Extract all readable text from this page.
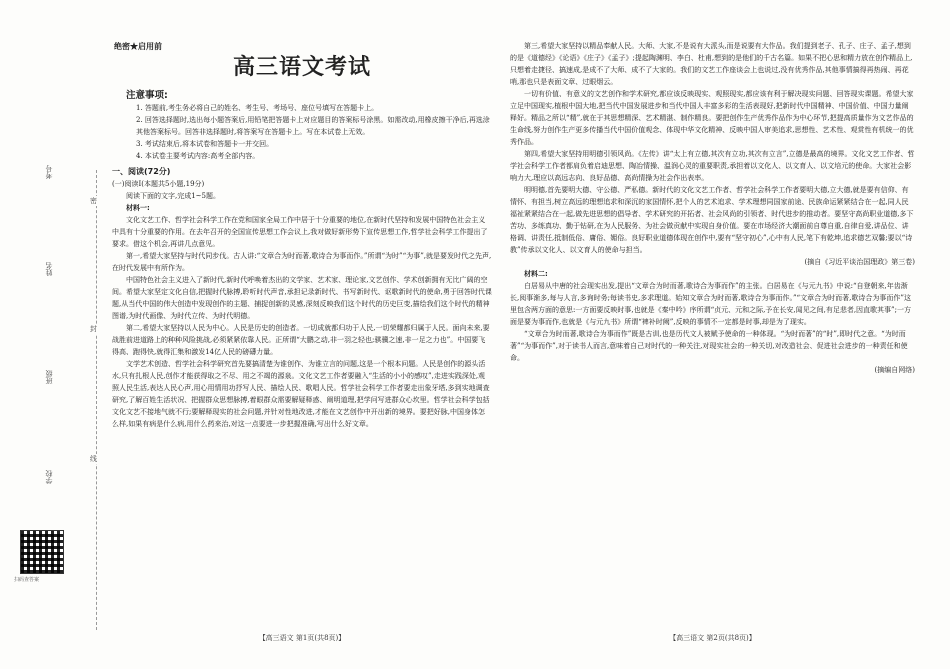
考号
姓名
班级
学校
密
封
线
扫码查答案
绝密★启用前
高三语文考试
注意事项:

1. 答题前,考生务必将自己的姓名、考生号、考场号、座位号填写在答题卡上。

2. 回答选择题时,选出每小题答案后,用铅笔把答题卡上对应题目的答案标号涂黑。如需改动,用橡皮擦干净后,再选涂其他答案标号。回答非选择题时,将答案写在答题卡上。写在本试卷上无效。

3. 考试结束后,将本试卷和答题卡一并交回。

4. 本试卷主要考试内容:高考全部内容。

一、阅读(72分)
(一)阅读Ⅰ(本题共5小题,19分)

阅读下面的文字,完成1~5题。

材料一:

文化文艺工作、哲学社会科学工作在党和国家全局工作中居于十分重要的地位,在新时代坚持和发展中国特色社会主义中具有十分重要的作用。在去年召开的全国宣传思想工作会议上,我对做好新形势下宣传思想工作,哲学社会科学工作提出了要求。借这个机会,再讲几点意见。

第一,希望大家坚持与时代同步伐。古人讲:“文章合为时而著,歌诗合为事而作。”所谓“为时”“为事”,就是要发时代之先声,在时代发展中有所作为。

中国特色社会主义进入了新时代,新时代呼唤着杰出的文学家、艺术家、理论家,文艺创作、学术创新拥有无比广阔的空间。希望大家坚定文化自信,把握时代脉搏,聆听时代声音,承担记录新时代、书写新时代、讴歌新时代的使命,勇于回答时代课题,从当代中国的伟大创造中发现创作的主题、捕捉创新的灵感,深刻反映我们这个时代的历史巨变,描绘我们这个时代的精神图谱,为时代画像、为时代立传、为时代明德。

第二,希望大家坚持以人民为中心。人民是历史的创造者。一切成就都归功于人民,一切荣耀都归属于人民。面向未来,要战胜前进道路上的种种风险挑战,必须紧紧依靠人民。正所谓“大鹏之动,非一羽之轻也;骐骥之速,非一足之力也”。中国要飞得高、跑得快,就得汇集和激发14亿人民的磅礴力量。

文学艺术创造、哲学社会科学研究首先要搞清楚为谁创作、为谁立言的问题,这是一个根本问题。人民是创作的源头活水,只有扎根人民,创作才能获得取之不尽、用之不竭的源泉。文化文艺工作者要融入“生活的小小的感叹”,走进实践深处,观照人民生活,表达人民心声,用心用情用功抒写人民、描绘人民、歌唱人民。哲学社会科学工作者要走出象牙塔,多到实地调查研究,了解百姓生活状况、把握群众思想脉搏,着眼群众需要解疑释惑、阐明道理,把学问写进群众心坎里。哲学社会科学包括文化文艺不接地气就不行;要解释现实的社会问题,并针对性地改进,才能在文艺创作中开出新的境界。要把好脉,中国身体怎么样,如果有病是什么病,用什么药来治,对这一点要进一步把握准确,写出什么好文章。

【高三语文 第1页(共8页)】

第三,希望大家坚持以精品奉献人民。大师、大家,不是说有大派头,而是说要有大作品。我们提到老子、孔子、庄子、孟子,想到的是《道德经》《论语》《庄子》《孟子》;提起陶渊明、李白、杜甫,想到的是他们的千古名篇。如果不把心思和精力放在创作精品上,只想着走捷径、搞速成,是成不了大师、成不了大家的。我们的文艺工作座谈会上也说过,没有优秀作品,其他事情搞得再热闹、再花哨,那也只是表面文章、过眼烟云。

一切有价值、有意义的文艺创作和学术研究,都应该反映现实、观照现实,都应该有利于解决现实问题、回答现实课题。希望大家立足中国现实,植根中国大地,把当代中国发展进步和当代中国人丰富多彩的生活表现好,把新时代中国精神、中国价值、中国力量阐释好。精品之所以“精”,就在于其思想精深、艺术精湛、制作精良。要把创作生产优秀作品作为中心环节,把提高质量作为文艺作品的生命线,努力创作生产更多传播当代中国价值观念、体现中华文化精神、反映中国人审美追求,思想性、艺术性、观赏性有机统一的优秀作品。

第四,希望大家坚持用明德引领风尚。《左传》讲“太上有立德,其次有立功,其次有立言”,立德是最高的境界。文化文艺工作者、哲学社会科学工作者都肩负着启迪思想、陶冶情操、温润心灵的重要职责,承担着以文化人、以文育人、以文培元的使命。大家社会影响力大,理应以高远志向、良好品德、高尚情操为社会作出表率。

明明德,首先要明大德、守公德、严私德。新时代的文化文艺工作者、哲学社会科学工作者要明大德,立大德,就是要有信仰、有情怀、有担当,树立高远的理想追求和深沉的家国情怀,把个人的艺术追求、学术理想同国家前途、民族命运紧紧结合在一起,同人民福祉紧紧结合在一起,做先进思想的倡导者、学术研究的开拓者、社会风尚的引领者、时代进步的推动者。要坚守高尚职业道德,多下苦功、多练真功、勤于钻研,在为人民服务、为社会做贡献中实现自身价值。要在市场经济大潮面前自尊自重,自律自爱,讲品位、讲格调、讲责任,抵制低俗、庸俗、媚俗。良好职业道德体现在创作中,要有“坚守初心”,心中有人民,笔下有乾坤,追求德艺双馨;要以“诗教”传承以文化人、以文育人的使命与担当。

(摘自《习近平谈治国理政》第三卷)

材料二:

白居易从中唐的社会现实出发,提出“文章合为时而著,歌诗合为事而作”的主张。白居易在《与元九书》中说:“自登朝来,年齿渐长,阅事渐多,每与人言,多询时务;每读书史,多求理道。始知文章合为时而著,歌诗合为事而作。”“文章合为时而著,歌诗合为事而作”这里包含两方面的意思:一方面要反映时事,也就是《秦中吟》序所谓“贞元、元和之际,予在长安,闻见之间,有足悲者,因直歌其事”;一方面是要为事而作,也就是《与元九书》所谓“裨补时阙”,反映的事情不一定都是时事,却是为了现实。

“文章合为时而著,歌诗合为事而作”既是古训,也是历代文人被赋予使命的一种体现。“为时而著”的“时”,即时代之意。“为时而著”“为事而作”,对于读书人而言,意味着自己对时代的一种关注,对现实社会的一种关切,对改造社会、促进社会进步的一种责任和使命。

(摘编自网络)
【高三语文 第2页(共8页)】
